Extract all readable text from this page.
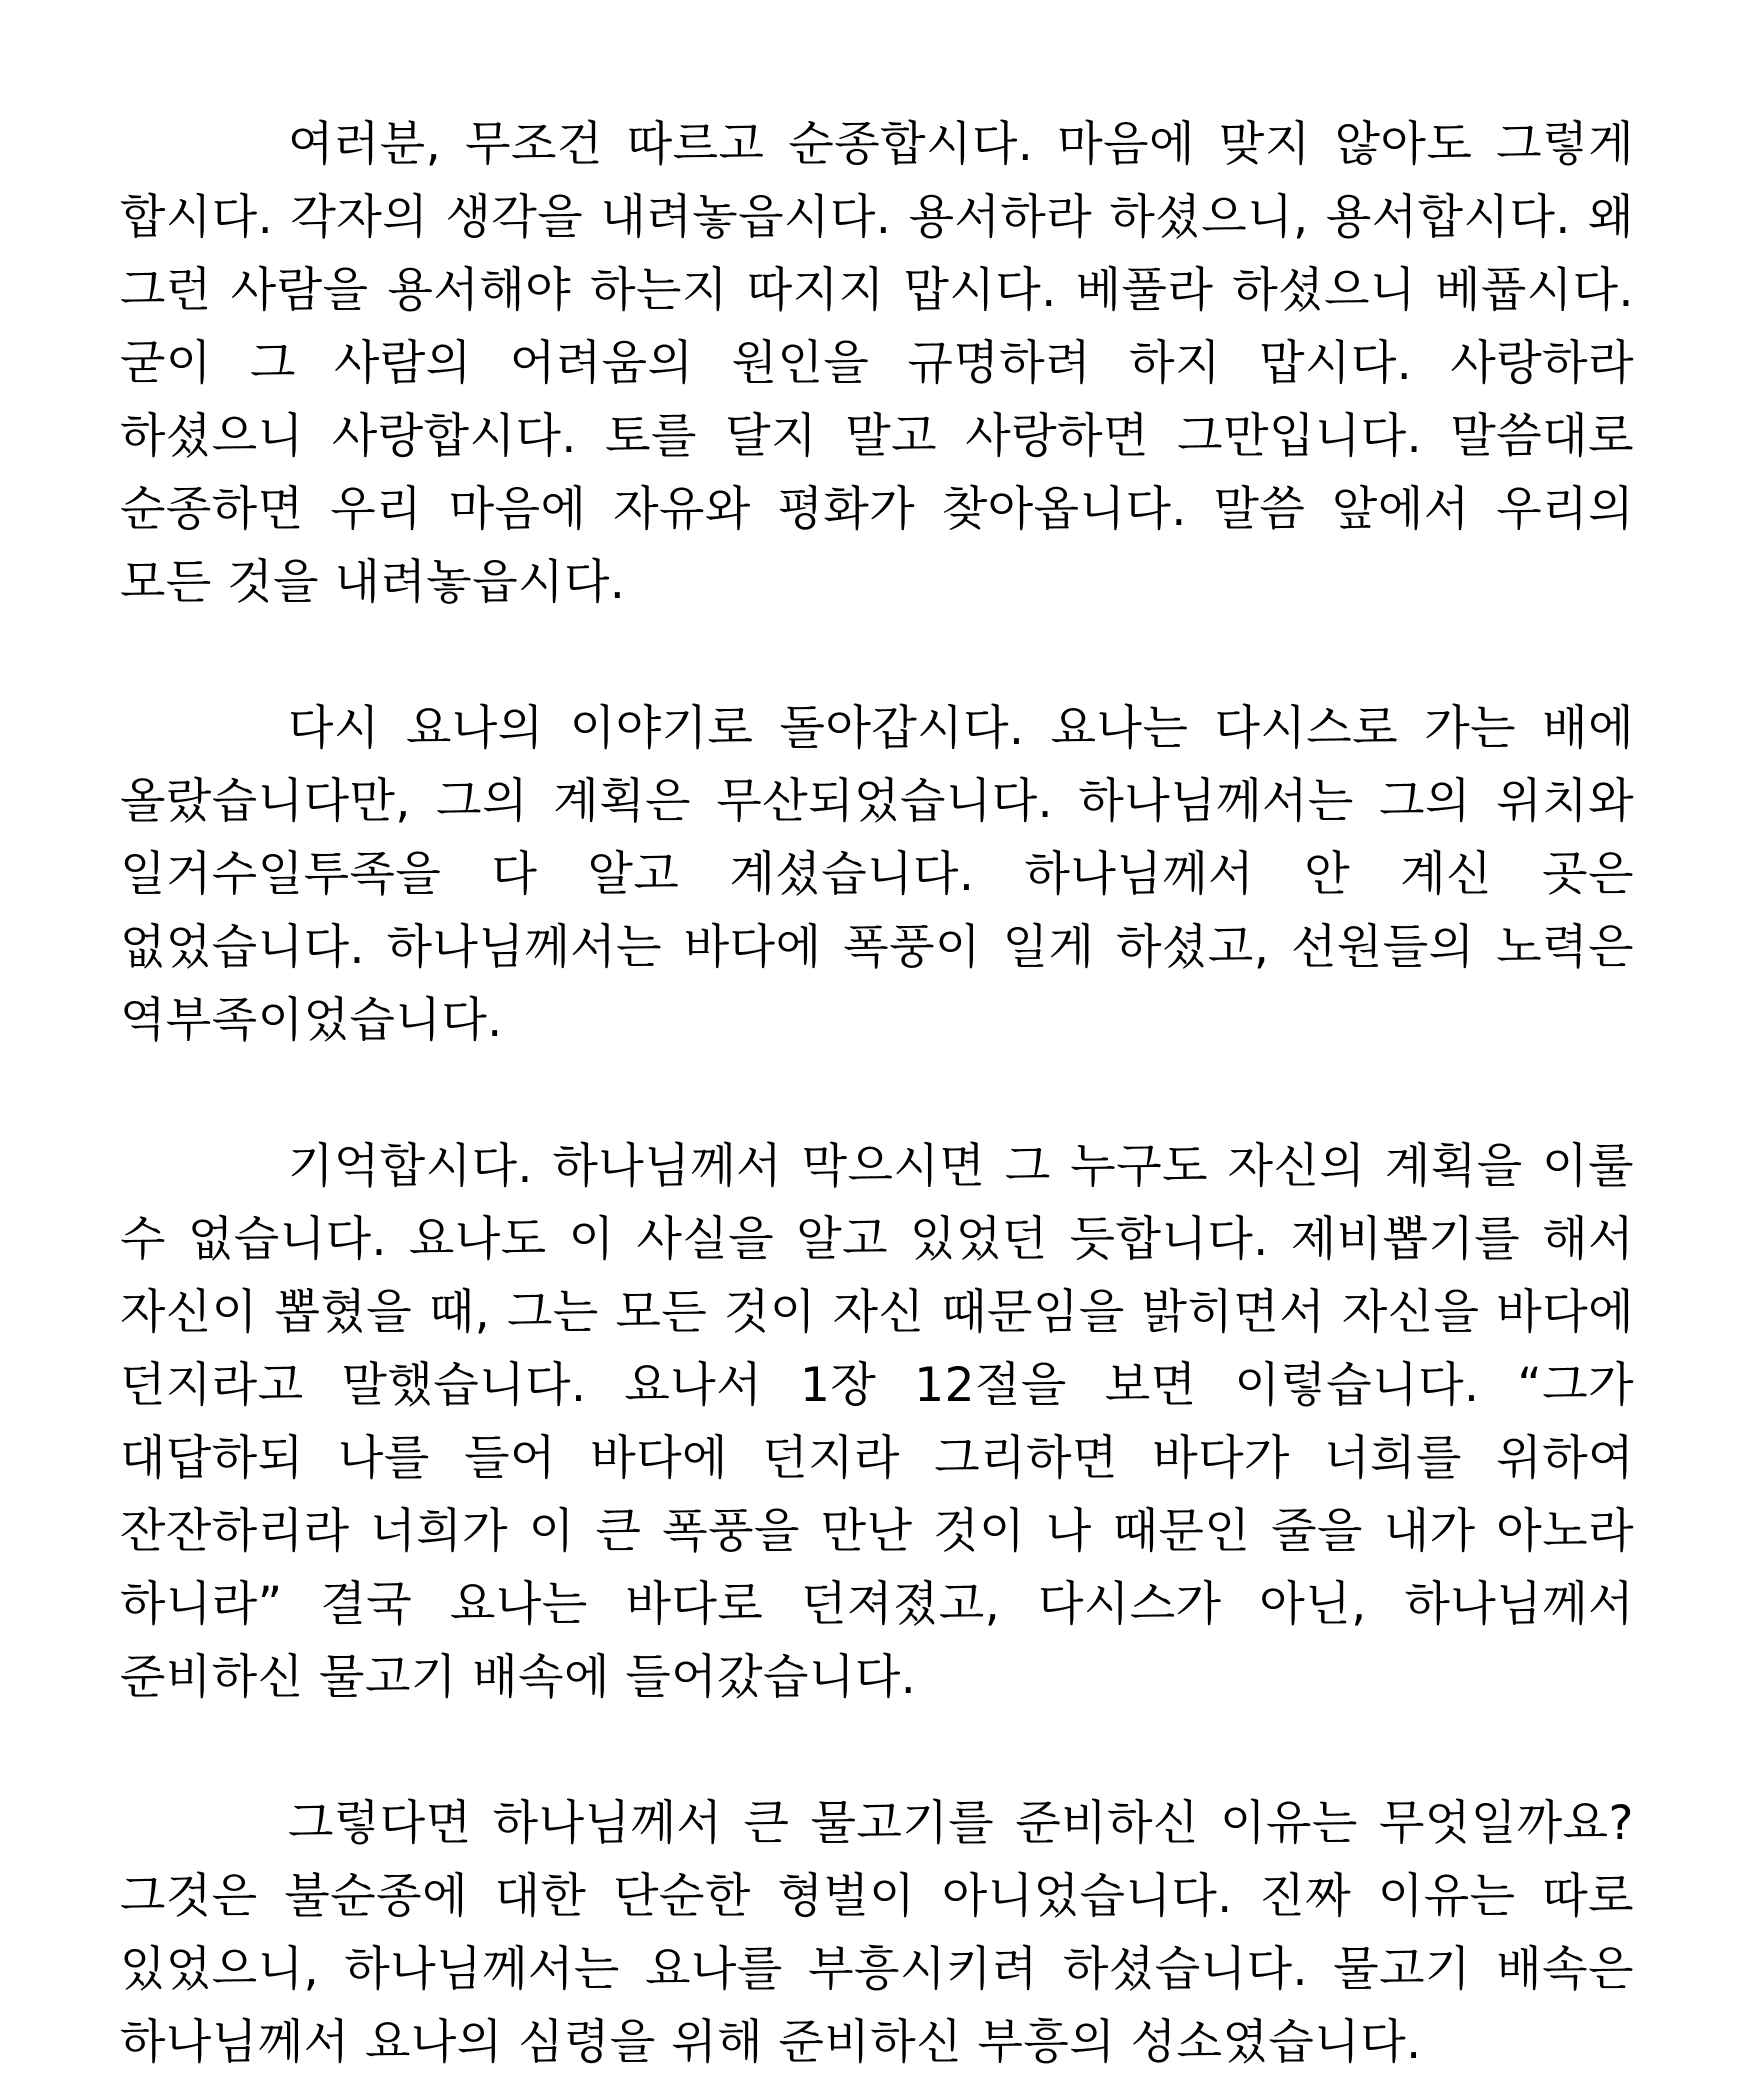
여러분, 무조건 따르고 순종합시다. 마음에 맞지 않아도 그렇게 합시다. 각자의 생각을 내려놓읍시다. 용서하라 하셨으니, 용서합시다. 왜 그런 사람을 용서해야 하는지 따지지 맙시다. 베풀라 하셨으니 베풉시다. 굳이 그 사람의 어려움의 원인을 규명하려 하지 맙시다. 사랑하라 하셨으니 사랑합시다. 토를 달지 말고 사랑하면 그만입니다. 말씀대로 순종하면 우리 마음에 자유와 평화가 찾아옵니다. 말씀 앞에서 우리의 모든 것을 내려놓읍시다.

다시 요나의 이야기로 돌아갑시다. 요나는 다시스로 가는 배에 올랐습니다만, 그의 계획은 무산되었습니다. 하나님께서는 그의 위치와 일거수일투족을 다 알고 계셨습니다. 하나님께서 안 계신 곳은 없었습니다. 하나님께서는 바다에 폭풍이 일게 하셨고, 선원들의 노력은 역부족이었습니다.

기억합시다. 하나님께서 막으시면 그 누구도 자신의 계획을 이룰 수 없습니다. 요나도 이 사실을 알고 있었던 듯합니다. 제비뽑기를 해서 자신이 뽑혔을 때, 그는 모든 것이 자신 때문임을 밝히면서 자신을 바다에 던지라고 말했습니다. 요나서 1장 12절을 보면 이렇습니다. “그가 대답하되 나를 들어 바다에 던지라 그리하면 바다가 너희를 위하여 잔잔하리라 너희가 이 큰 폭풍을 만난 것이 나 때문인 줄을 내가 아노라 하니라” 결국 요나는 바다로 던져졌고, 다시스가 아닌, 하나님께서 준비하신 물고기 배속에 들어갔습니다.

그렇다면 하나님께서 큰 물고기를 준비하신 이유는 무엇일까요? 그것은 불순종에 대한 단순한 형벌이 아니었습니다. 진짜 이유는 따로 있었으니, 하나님께서는 요나를 부흥시키려 하셨습니다. 물고기 배속은 하나님께서 요나의 심령을 위해 준비하신 부흥의 성소였습니다.
